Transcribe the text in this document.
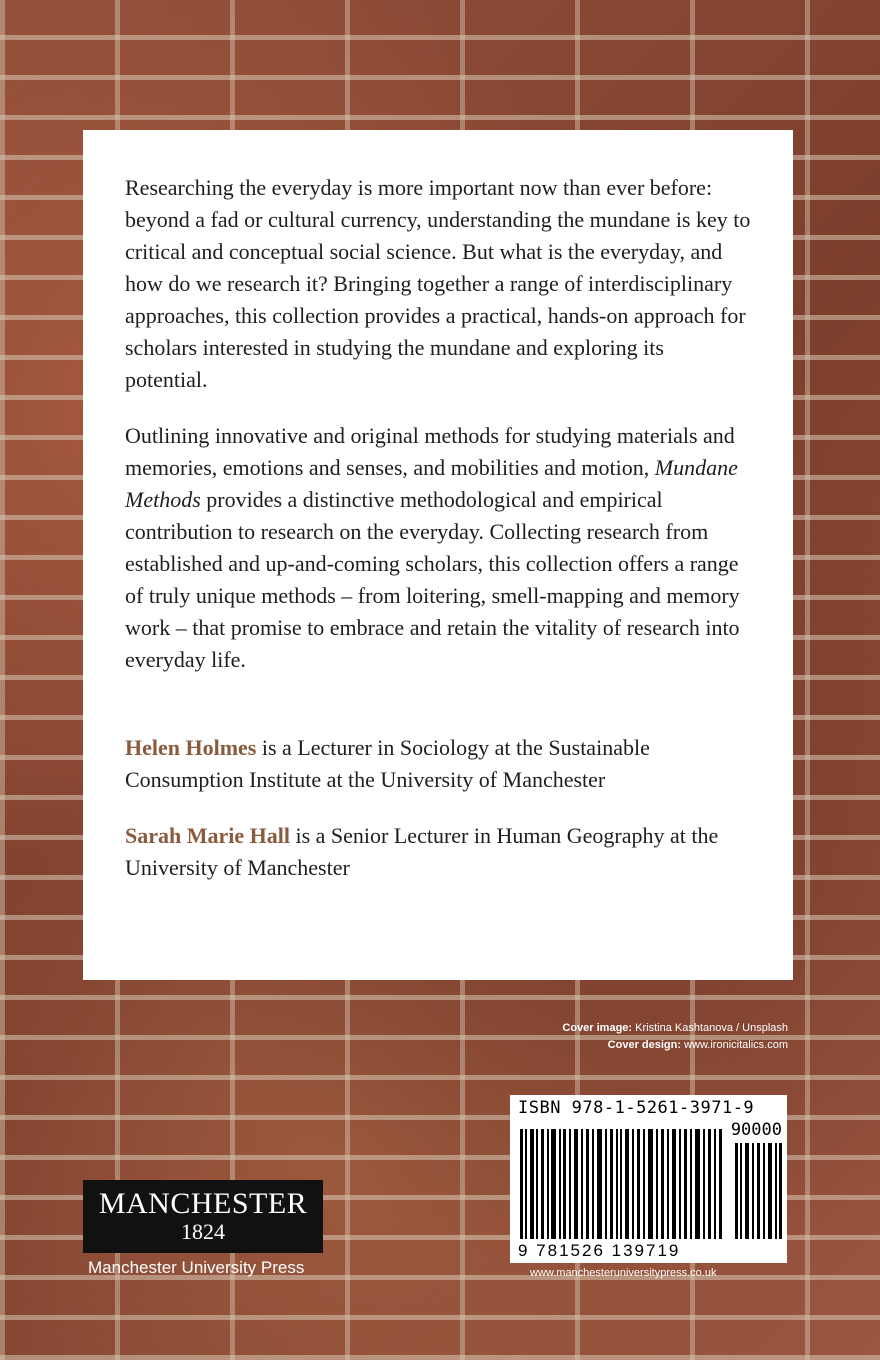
Researching the everyday is more important now than ever before: beyond a fad or cultural currency, understanding the mundane is key to critical and conceptual social science. But what is the everyday, and how do we research it? Bringing together a range of interdisciplinary approaches, this collection provides a practical, hands-on approach for scholars interested in studying the mundane and exploring its potential.

Outlining innovative and original methods for studying materials and memories, emotions and senses, and mobilities and motion, Mundane Methods provides a distinctive methodological and empirical contribution to research on the everyday. Collecting research from established and up-and-coming scholars, this collection offers a range of truly unique methods – from loitering, smell-mapping and memory work – that promise to embrace and retain the vitality of research into everyday life.

Helen Holmes is a Lecturer in Sociology at the Sustainable Consumption Institute at the University of Manchester

Sarah Marie Hall is a Senior Lecturer in Human Geography at the University of Manchester

Cover image: Kristina Kashtanova / Unsplash
Cover design: www.ironicitalics.com
ISBN 978-1-5261-3971-9
90000
9 781526 139719
www.manchesteruniversitypress.co.uk
MANCHESTER
1824
Manchester University Press
